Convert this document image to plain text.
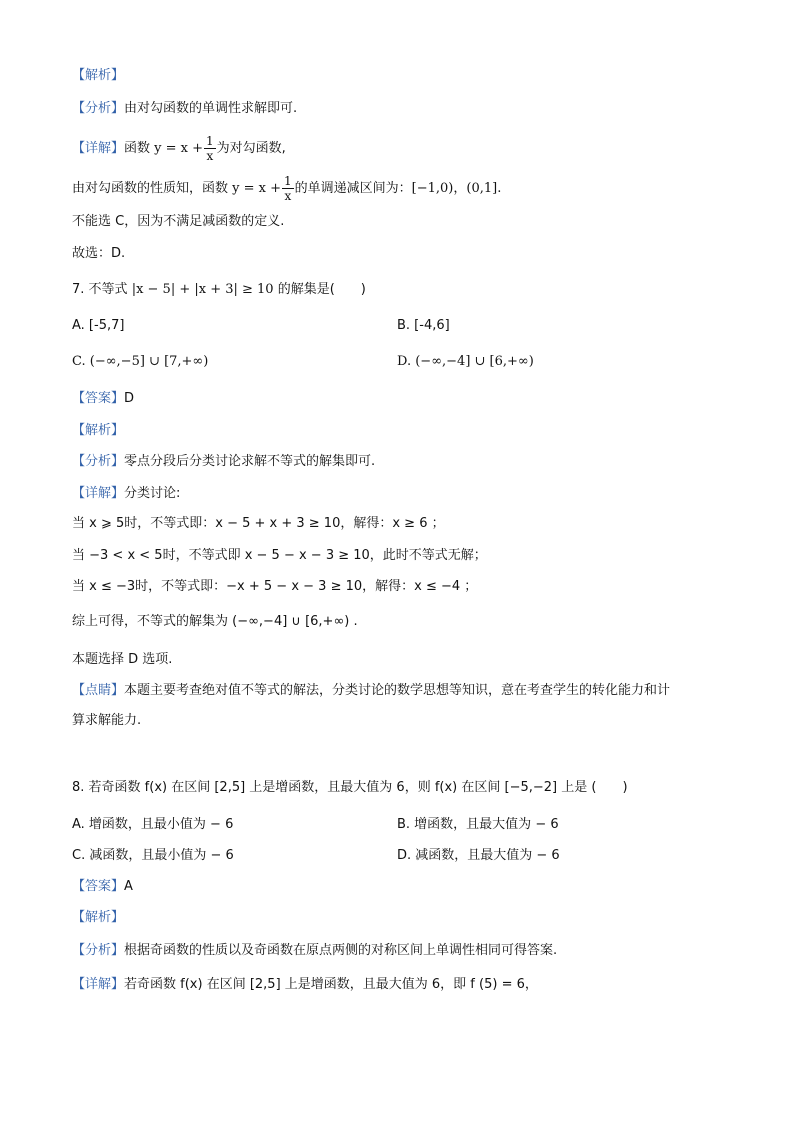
【解析】
【分析】由对勾函数的单调性求解即可.
【详解】函数 $y = x + \frac{1}{x}$ 为对勾函数,
由对勾函数的性质知，函数 $y = x + \frac{1}{x}$ 的单调递减区间为：[−1,0)，(0,1].
不能选 C，因为不满足减函数的定义.
故选：D.
7. 不等式 |x − 5| + |x + 3| ≥ 10 的解集是(　　)
A. [-5,7]	B. [-4,6]
C. (−∞,−5] ∪ [7,+∞)	D. (−∞,−4] ∪ [6,+∞)
【答案】D
【解析】
【分析】零点分段后分类讨论求解不等式的解集即可.
【详解】分类讨论:
当 x ⩾ 5时，不等式即：x − 5 + x + 3 ≥ 10，解得：x ≥ 6 ；
当 −3 < x < 5时，不等式即 x − 5 − x − 3 ≥ 10，此时不等式无解；
当 x ≤ −3时，不等式即：−x + 5 − x − 3 ≥ 10，解得：x ≤ −4 ；
综上可得，不等式的解集为 (−∞,−4] ∪ [6,+∞) .
本题选择 D 选项.
【点睛】本题主要考查绝对值不等式的解法，分类讨论的数学思想等知识，意在考查学生的转化能力和计
算求解能力.
8. 若奇函数 f(x) 在区间 [2,5] 上是增函数，且最大值为 6，则 f(x) 在区间 [−5,−2] 上是 (　　)
A. 增函数，且最小值为 − 6	B. 增函数，且最大值为 − 6
C. 减函数，且最小值为 − 6	D. 减函数，且最大值为 − 6
【答案】A
【解析】
【分析】根据奇函数的性质以及奇函数在原点两侧的对称区间上单调性相同可得答案.
【详解】若奇函数 f(x) 在区间 [2,5] 上是增函数，且最大值为 6，即 f (5) = 6，
